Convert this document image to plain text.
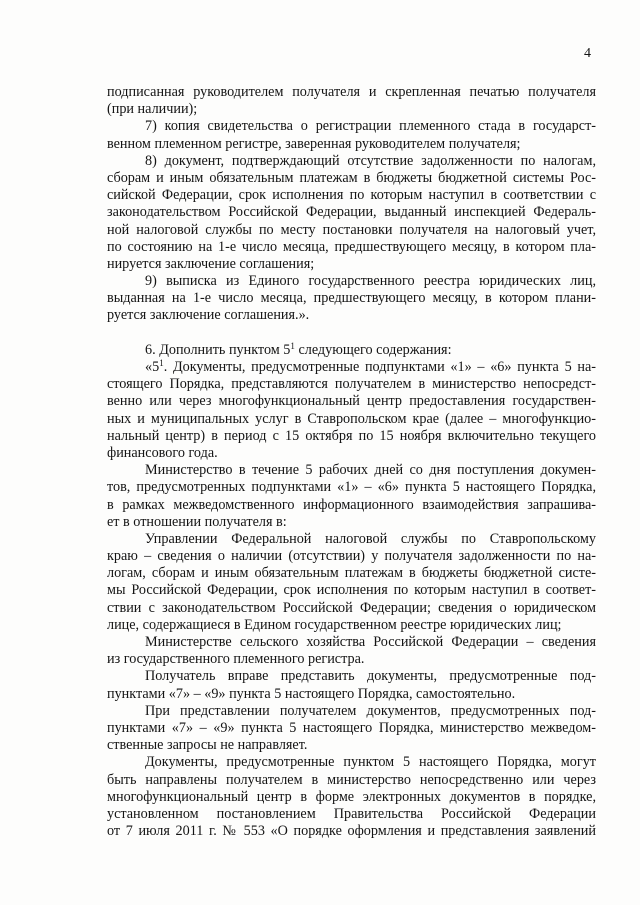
4
подписанная руководителем получателя и скрепленная печатью получателя
(при наличии);
7) копия свидетельства о регистрации племенного стада в государст-
венном племенном регистре, заверенная руководителем получателя;
8) документ, подтверждающий отсутствие задолженности по налогам,
сборам и иным обязательным платежам в бюджеты бюджетной системы Рос-
сийской Федерации, срок исполнения по которым наступил в соответствии с
законодательством Российской Федерации, выданный инспекцией Федераль-
ной налоговой службы по месту постановки получателя на налоговый учет,
по состоянию на 1-е число месяца, предшествующего месяцу, в котором пла-
нируется заключение соглашения;
9) выписка из Единого государственного реестра юридических лиц,
выданная на 1-е число месяца, предшествующего месяцу, в котором плани-
руется заключение соглашения.».
6. Дополнить пунктом $5^1$ следующего содержания:
«$5^1$. Документы, предусмотренные подпунктами «1» – «6» пункта 5 на-
стоящего Порядка, представляются получателем в министерство непосредст-
венно или через многофункциональный центр предоставления государствен-
ных и муниципальных услуг в Ставропольском крае (далее – многофункцио-
нальный центр) в период с 15 октября по 15 ноября включительно текущего
финансового года.
Министерство в течение 5 рабочих дней со дня поступления докумен-
тов, предусмотренных подпунктами «1» – «6» пункта 5 настоящего Порядка,
в рамках межведомственного информационного взаимодействия запрашива-
ет в отношении получателя в:
Управлении Федеральной налоговой службы по Ставропольскому
краю – сведения о наличии (отсутствии) у получателя задолженности по на-
логам, сборам и иным обязательным платежам в бюджеты бюджетной систе-
мы Российской Федерации, срок исполнения по которым наступил в соответ-
ствии с законодательством Российской Федерации; сведения о юридическом
лице, содержащиеся в Едином государственном реестре юридических лиц;
Министерстве сельского хозяйства Российской Федерации – сведения
из государственного племенного регистра.
Получатель вправе представить документы, предусмотренные под-
пунктами «7» – «9» пункта 5 настоящего Порядка, самостоятельно.
При представлении получателем документов, предусмотренных под-
пунктами «7» – «9» пункта 5 настоящего Порядка, министерство межведом-
ственные запросы не направляет.
Документы, предусмотренные пунктом 5 настоящего Порядка, могут
быть направлены получателем в министерство непосредственно или через
многофункциональный центр в форме электронных документов в порядке,
установленном постановлением Правительства Российской Федерации
от 7 июля 2011 г. № 553 «О порядке оформления и представления заявлений
